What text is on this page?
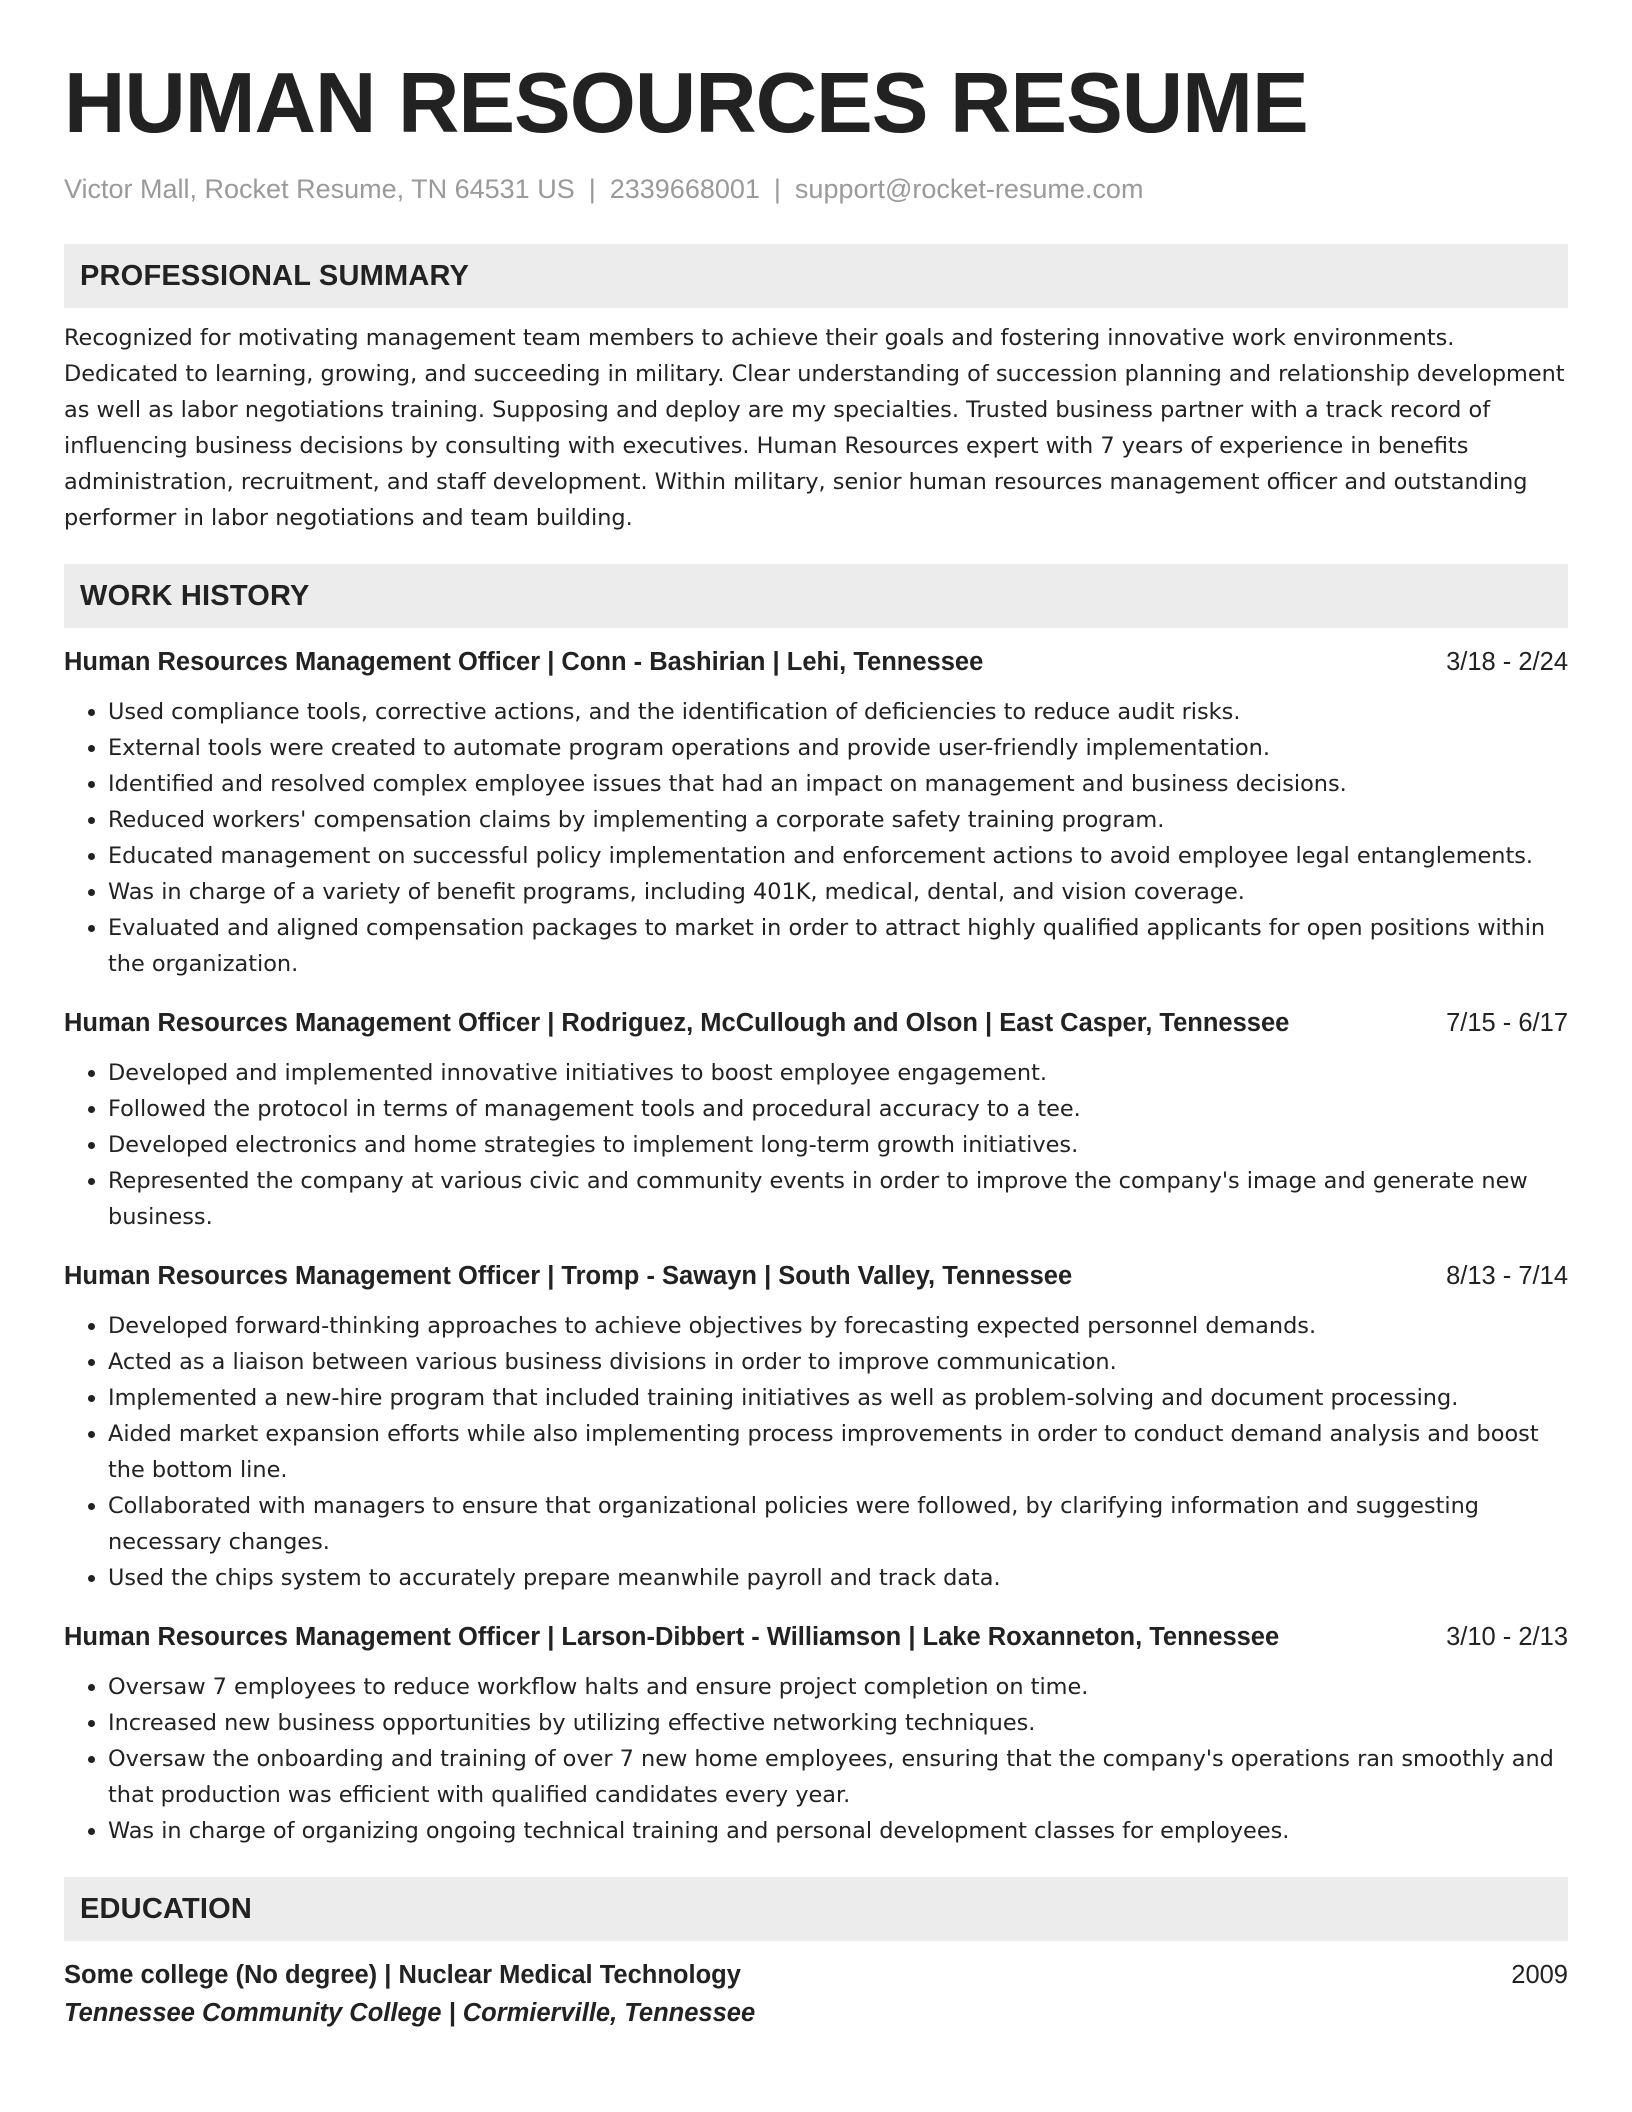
HUMAN RESOURCES RESUME
Victor Mall, Rocket Resume, TN 64531 US | 2339668001 | support@rocket-resume.com
PROFESSIONAL SUMMARY
Recognized for motivating management team members to achieve their goals and fostering innovative work environments. Dedicated to learning, growing, and succeeding in military. Clear understanding of succession planning and relationship development as well as labor negotiations training. Supposing and deploy are my specialties. Trusted business partner with a track record of influencing business decisions by consulting with executives. Human Resources expert with 7 years of experience in benefits administration, recruitment, and staff development. Within military, senior human resources management officer and outstanding performer in labor negotiations and team building.
WORK HISTORY
Human Resources Management Officer | Conn - Bashirian | Lehi, Tennessee	3/18 - 2/24
• Used compliance tools, corrective actions, and the identification of deficiencies to reduce audit risks.
• External tools were created to automate program operations and provide user-friendly implementation.
• Identified and resolved complex employee issues that had an impact on management and business decisions.
• Reduced workers' compensation claims by implementing a corporate safety training program.
• Educated management on successful policy implementation and enforcement actions to avoid employee legal entanglements.
• Was in charge of a variety of benefit programs, including 401K, medical, dental, and vision coverage.
• Evaluated and aligned compensation packages to market in order to attract highly qualified applicants for open positions within the organization.
Human Resources Management Officer | Rodriguez, McCullough and Olson | East Casper, Tennessee	7/15 - 6/17
• Developed and implemented innovative initiatives to boost employee engagement.
• Followed the protocol in terms of management tools and procedural accuracy to a tee.
• Developed electronics and home strategies to implement long-term growth initiatives.
• Represented the company at various civic and community events in order to improve the company's image and generate new business.
Human Resources Management Officer | Tromp - Sawayn | South Valley, Tennessee	8/13 - 7/14
• Developed forward-thinking approaches to achieve objectives by forecasting expected personnel demands.
• Acted as a liaison between various business divisions in order to improve communication.
• Implemented a new-hire program that included training initiatives as well as problem-solving and document processing.
• Aided market expansion efforts while also implementing process improvements in order to conduct demand analysis and boost the bottom line.
• Collaborated with managers to ensure that organizational policies were followed, by clarifying information and suggesting necessary changes.
• Used the chips system to accurately prepare meanwhile payroll and track data.
Human Resources Management Officer | Larson-Dibbert - Williamson | Lake Roxanneton, Tennessee	3/10 - 2/13
• Oversaw 7 employees to reduce workflow halts and ensure project completion on time.
• Increased new business opportunities by utilizing effective networking techniques.
• Oversaw the onboarding and training of over 7 new home employees, ensuring that the company's operations ran smoothly and that production was efficient with qualified candidates every year.
• Was in charge of organizing ongoing technical training and personal development classes for employees.
EDUCATION
Some college (No degree) | Nuclear Medical Technology	2009
Tennessee Community College | Cormierville, Tennessee
